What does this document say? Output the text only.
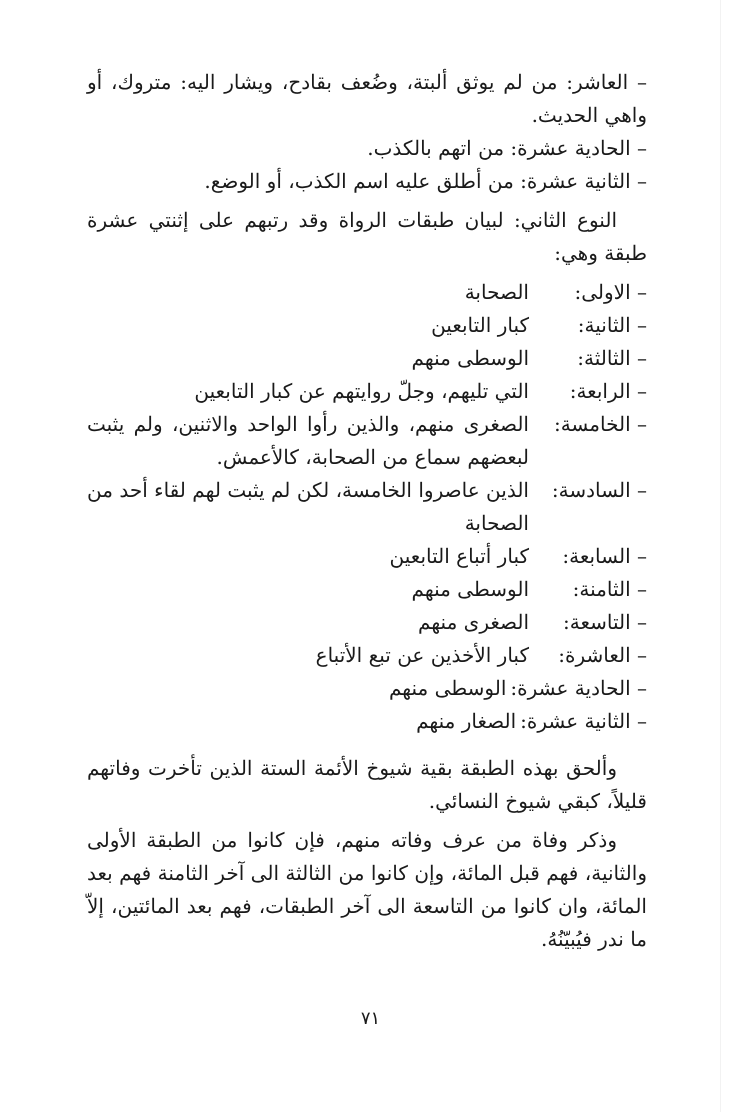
– العاشر: من لم يوثق ألبتة، وضُعف بقادح، ويشار اليه: متروك، أو واهي الحديث.

– الحادية عشرة: من اتهم بالكذب.

– الثانية عشرة: من أطلق عليه اسم الكذب، أو الوضع.

النوع الثاني: لبيان طبقات الرواة وقد رتبهم على إثنتي عشرة طبقة وهي:

– الاولى:
الصحابة
– الثانية:
كبار التابعين
– الثالثة:
الوسطى منهم
– الرابعة:
التي تليهم، وجلّ روايتهم عن كبار التابعين
– الخامسة:
الصغرى منهم، والذين رأوا الواحد والاثنين، ولم يثبت لبعضهم سماع من الصحابة، كالأعمش.
– السادسة:
الذين عاصروا الخامسة، لكن لم يثبت لهم لقاء أحد من الصحابة
– السابعة:
كبار أتباع التابعين
– الثامنة:
الوسطى منهم
– التاسعة:
الصغرى منهم
– العاشرة:
كبار الأخذين عن تبع الأتباع
– الحادية عشرة:
الوسطى منهم
– الثانية عشرة:
الصغار منهم

وألحق بهذه الطبقة بقية شيوخ الأئمة الستة الذين تأخرت وفاتهم قليلاً، كبقي شيوخ النسائي.

وذكر وفاة من عرف وفاته منهم، فإن كانوا من الطبقة الأولى والثانية، فهم قبل المائة، وإن كانوا من الثالثة الى آخر الثامنة فهم بعد المائة، وان كانوا من التاسعة الى آخر الطبقات، فهم بعد المائتين، إلاّ ما ندر فيُبيّنُهُ.

٧١
